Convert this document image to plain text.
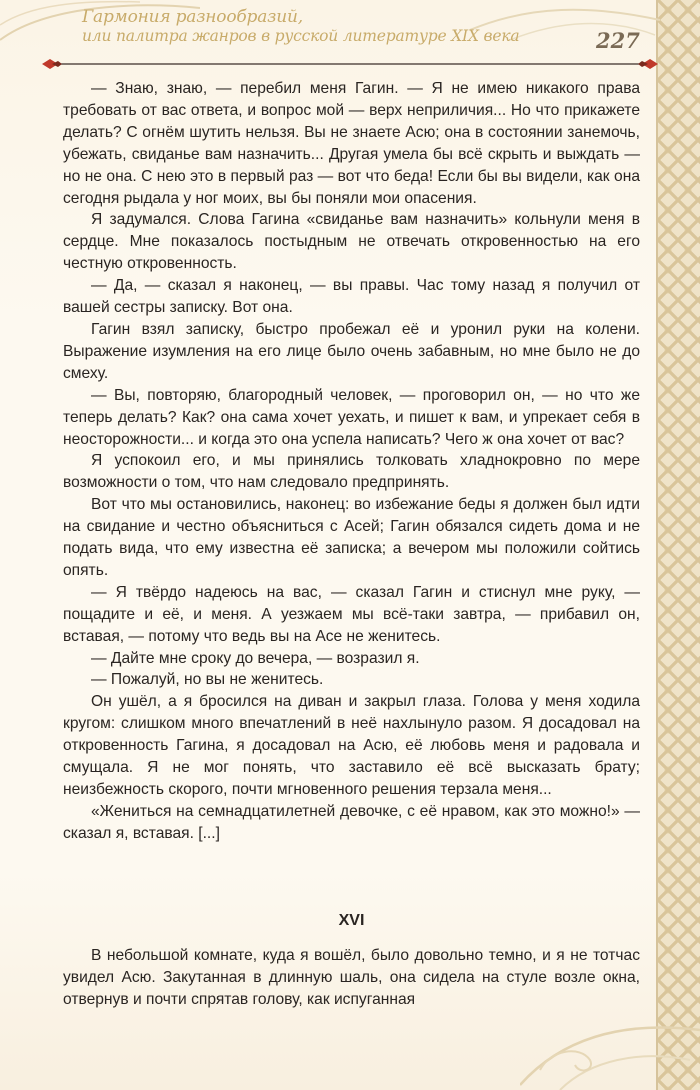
Гармония разнообразий,
или палитра жанров в русской литературе XIX века	227

— Знаю, знаю, — перебил меня Гагин. — Я не имею никакого права требовать от вас ответа, и вопрос мой — верх неприличия... Но что прикажете делать? С огнём шутить нельзя. Вы не знаете Асю; она в состоянии занемочь, убежать, свиданье вам назначить... Другая умела бы всё скрыть и выждать — но не она. С нею это в первый раз — вот что беда! Если бы вы видели, как она сегодня рыдала у ног моих, вы бы поняли мои опасения.

Я задумался. Слова Гагина «свиданье вам назначить» кольнули меня в сердце. Мне показалось постыдным не отвечать откровенностью на его честную откровенность.

— Да, — сказал я наконец, — вы правы. Час тому назад я получил от вашей сестры записку. Вот она.

Гагин взял записку, быстро пробежал её и уронил руки на колени. Выражение изумления на его лице было очень забавным, но мне было не до смеху.

— Вы, повторяю, благородный человек, — проговорил он, — но что же теперь делать? Как? она сама хочет уехать, и пишет к вам, и упрекает себя в неосторожности... и когда это она успела написать? Чего ж она хочет от вас?

Я успокоил его, и мы принялись толковать хладнокровно по мере возможности о том, что нам следовало предпринять.

Вот что мы остановились, наконец: во избежание беды я должен был идти на свидание и честно объясниться с Асей; Гагин обязался сидеть дома и не подать вида, что ему известна её записка; а вечером мы положили сойтись опять.

— Я твёрдо надеюсь на вас, — сказал Гагин и стиснул мне руку, — пощадите и её, и меня. А уезжаем мы всё-таки завтра, — прибавил он, вставая, — потому что ведь вы на Асе не женитесь.

— Дайте мне сроку до вечера, — возразил я.

— Пожалуй, но вы не женитесь.

Он ушёл, а я бросился на диван и закрыл глаза. Голова у меня ходила кругом: слишком много впечатлений в неё нахлынуло разом. Я досадовал на откровенность Гагина, я досадовал на Асю, её любовь меня и радовала и смущала. Я не мог понять, что заставило её всё высказать брату; неизбежность скорого, почти мгновенного решения терзала меня...

«Жениться на семнадцатилетней девочке, с её нравом, как это можно!» — сказал я, вставая. [...]

XVI

В небольшой комнате, куда я вошёл, было довольно темно, и я не тотчас увидел Асю. Закутанная в длинную шаль, она сидела на стуле возле окна, отвернув и почти спрятав голову, как испуганная
